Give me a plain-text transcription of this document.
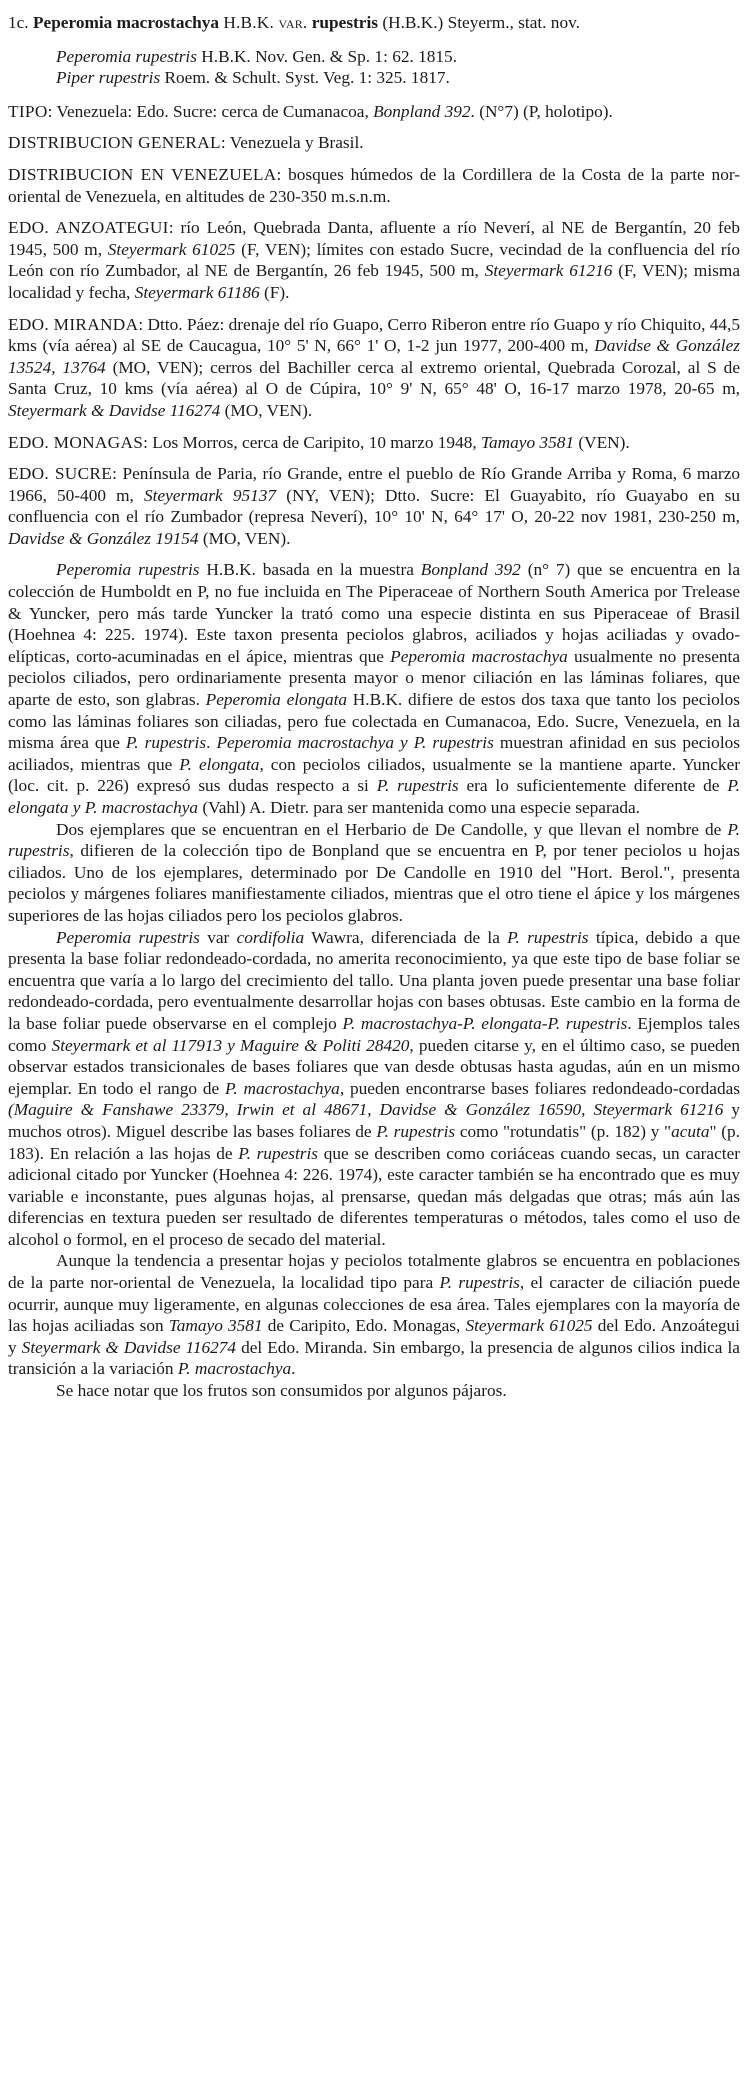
1c. Peperomia macrostachya H.B.K. var. rupestris (H.B.K.) Steyerm., stat. nov.

Peperomia rupestris H.B.K. Nov. Gen. & Sp. 1: 62. 1815.

Piper rupestris Roem. & Schult. Syst. Veg. 1: 325. 1817.

TIPO: Venezuela: Edo. Sucre: cerca de Cumanacoa, Bonpland 392. (N°7) (P, holotipo).

DISTRIBUCION GENERAL: Venezuela y Brasil.

DISTRIBUCION EN VENEZUELA: bosques húmedos de la Cordillera de la Costa de la parte nor-oriental de Venezuela, en altitudes de 230-350 m.s.n.m.

EDO. ANZOATEGUI: río León, Quebrada Danta, afluente a río Neverí, al NE de Bergantín, 20 feb 1945, 500 m, Steyermark 61025 (F, VEN); límites con estado Sucre, vecindad de la confluencia del río León con río Zumbador, al NE de Bergantín, 26 feb 1945, 500 m, Steyermark 61216 (F, VEN); misma localidad y fecha, Steyermark 61186 (F).

EDO. MIRANDA: Dtto. Páez: drenaje del río Guapo, Cerro Riberon entre río Guapo y río Chiquito, 44,5 kms (vía aérea) al SE de Caucagua, 10° 5' N, 66° 1' O, 1-2 jun 1977, 200-400 m, Davidse & González 13524, 13764 (MO, VEN); cerros del Bachiller cerca al extremo oriental, Quebrada Corozal, al S de Santa Cruz, 10 kms (vía aérea) al O de Cúpira, 10° 9' N, 65° 48' O, 16-17 marzo 1978, 20-65 m, Steyermark & Davidse 116274 (MO, VEN).

EDO. MONAGAS: Los Morros, cerca de Caripito, 10 marzo 1948, Tamayo 3581 (VEN).

EDO. SUCRE: Península de Paria, río Grande, entre el pueblo de Río Grande Arriba y Roma, 6 marzo 1966, 50-400 m, Steyermark 95137 (NY, VEN); Dtto. Sucre: El Guayabito, río Guayabo en su confluencia con el río Zumbador (represa Neverí), 10° 10' N, 64° 17' O, 20-22 nov 1981, 230-250 m, Davidse & González 19154 (MO, VEN).

Peperomia rupestris H.B.K. basada en la muestra Bonpland 392 (n° 7) que se encuentra en la colección de Humboldt en P, no fue incluida en The Piperaceae of Northern South America por Trelease & Yuncker, pero más tarde Yuncker la trató como una especie distinta en sus Piperaceae of Brasil (Hoehnea 4: 225. 1974). Este taxon presenta peciolos glabros, aciliados y hojas aciliadas y ovado-elípticas, corto-acuminadas en el ápice, mientras que Peperomia macrostachya usualmente no presenta peciolos ciliados, pero ordinariamente presenta mayor o menor ciliación en las láminas foliares, que aparte de esto, son glabras. Peperomia elongata H.B.K. difiere de estos dos taxa que tanto los peciolos como las láminas foliares son ciliadas, pero fue colectada en Cumanacoa, Edo. Sucre, Venezuela, en la misma área que P. rupestris. Peperomia macrostachya y P. rupestris muestran afinidad en sus peciolos aciliados, mientras que P. elongata, con peciolos ciliados, usualmente se la mantiene aparte. Yuncker (loc. cit. p. 226) expresó sus dudas respecto a si P. rupestris era lo suficientemente diferente de P. elongata y P. macrostachya (Vahl) A. Dietr. para ser mantenida como una especie separada.

Dos ejemplares que se encuentran en el Herbario de De Candolle, y que llevan el nombre de P. rupestris, difieren de la colección tipo de Bonpland que se encuentra en P, por tener peciolos u hojas ciliados. Uno de los ejemplares, determinado por De Candolle en 1910 del "Hort. Berol.", presenta peciolos y márgenes foliares manifiestamente ciliados, mientras que el otro tiene el ápice y los márgenes superiores de las hojas ciliados pero los peciolos glabros.

Peperomia rupestris var cordifolia Wawra, diferenciada de la P. rupestris típica, debido a que presenta la base foliar redondeado-cordada, no amerita reconocimiento, ya que este tipo de base foliar se encuentra que varía a lo largo del crecimiento del tallo. Una planta joven puede presentar una base foliar redondeado-cordada, pero eventualmente desarrollar hojas con bases obtusas. Este cambio en la forma de la base foliar puede observarse en el complejo P. macrostachya-P. elongata-P. rupestris. Ejemplos tales como Steyermark et al 117913 y Maguire & Politi 28420, pueden citarse y, en el último caso, se pueden observar estados transicionales de bases foliares que van desde obtusas hasta agudas, aún en un mismo ejemplar. En todo el rango de P. macrostachya, pueden encontrarse bases foliares redondeado-cordadas (Maguire & Fanshawe 23379, Irwin et al 48671, Davidse & González 16590, Steyermark 61216 y muchos otros). Miguel describe las bases foliares de P. rupestris como "rotundatis" (p. 182) y "acuta" (p. 183). En relación a las hojas de P. rupestris que se describen como coriáceas cuando secas, un caracter adicional citado por Yuncker (Hoehnea 4: 226. 1974), este caracter también se ha encontrado que es muy variable e inconstante, pues algunas hojas, al prensarse, quedan más delgadas que otras; más aún las diferencias en textura pueden ser resultado de diferentes temperaturas o métodos, tales como el uso de alcohol o formol, en el proceso de secado del material.

Aunque la tendencia a presentar hojas y peciolos totalmente glabros se encuentra en poblaciones de la parte nor-oriental de Venezuela, la localidad tipo para P. rupestris, el caracter de ciliación puede ocurrir, aunque muy ligeramente, en algunas colecciones de esa área. Tales ejemplares con la mayoría de las hojas aciliadas son Tamayo 3581 de Caripito, Edo. Monagas, Steyermark 61025 del Edo. Anzoátegui y Steyermark & Davidse 116274 del Edo. Miranda. Sin embargo, la presencia de algunos cilios indica la transición a la variación P. macrostachya.

Se hace notar que los frutos son consumidos por algunos pájaros.
